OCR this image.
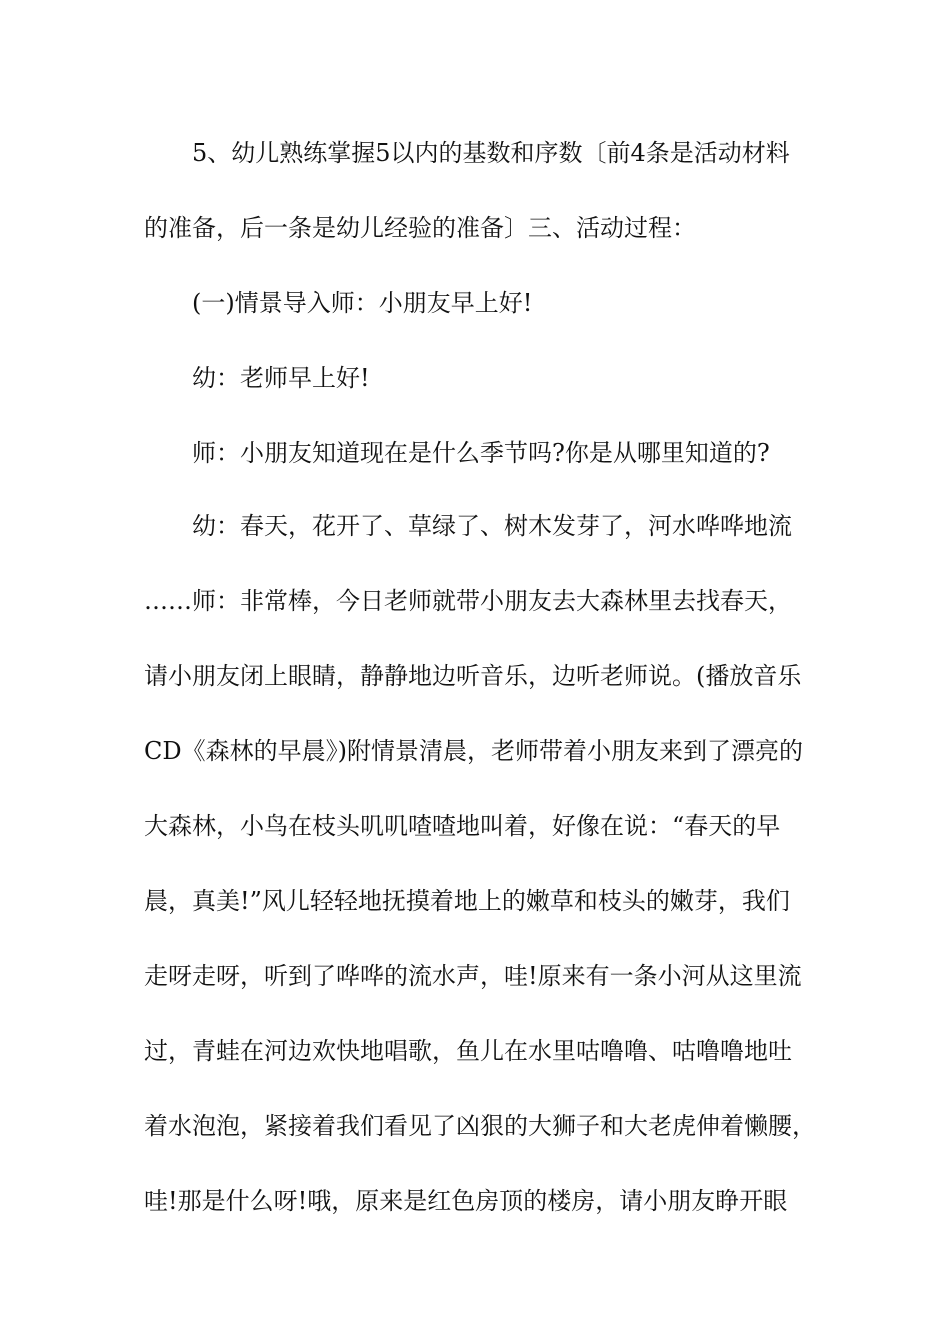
5、幼儿熟练掌握5以内的基数和序数〔前4条是活动材料
的准备，后一条是幼儿经验的准备〕三、活动过程：
(一)情景导入师：小朋友早上好!
幼：老师早上好!
师：小朋友知道现在是什么季节吗?你是从哪里知道的?
幼：春天，花开了、草绿了、树木发芽了，河水哗哗地流
……师：非常棒，今日老师就带小朋友去大森林里去找春天，
请小朋友闭上眼睛，静静地边听音乐，边听老师说。(播放音乐
CD《森林的早晨》)附情景清晨，老师带着小朋友来到了漂亮的
大森林，小鸟在枝头叽叽喳喳地叫着，好像在说：“春天的早
晨，真美!”风儿轻轻地抚摸着地上的嫩草和枝头的嫩芽，我们
走呀走呀，听到了哗哗的流水声，哇!原来有一条小河从这里流
过，青蛙在河边欢快地唱歌，鱼儿在水里咕噜噜、咕噜噜地吐
着水泡泡，紧接着我们看见了凶狠的大狮子和大老虎伸着懒腰，
哇!那是什么呀!哦，原来是红色房顶的楼房，请小朋友睁开眼
